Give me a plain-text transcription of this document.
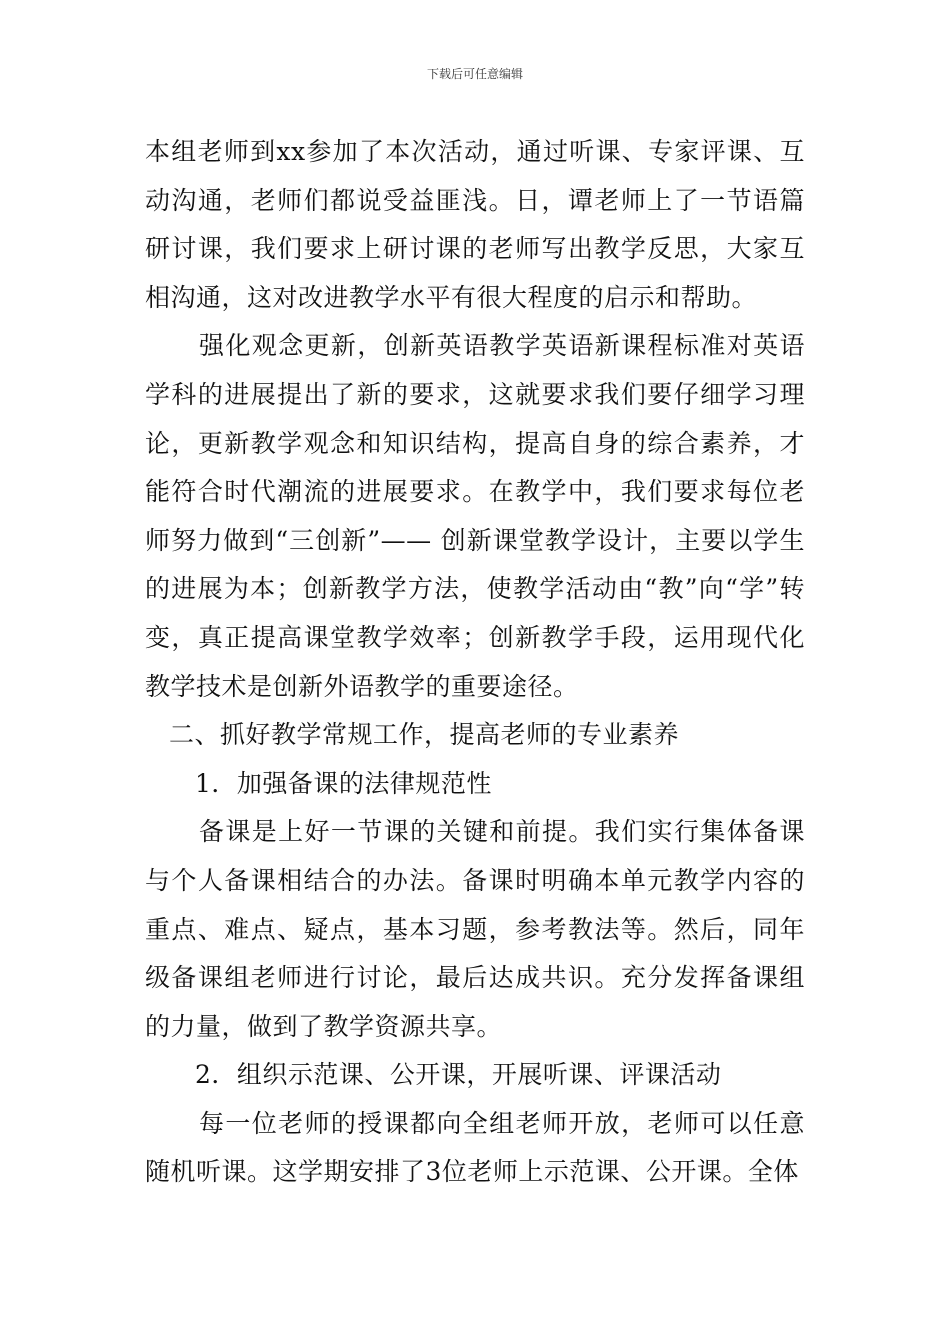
下载后可任意编辑

本组老师到xx参加了本次活动，通过听课、专家评课、互动沟通，老师们都说受益匪浅。日，谭老师上了一节语篇研讨课，我们要求上研讨课的老师写出教学反思，大家互相沟通，这对改进教学水平有很大程度的启示和帮助。

强化观念更新，创新英语教学英语新课程标准对英语学科的进展提出了新的要求，这就要求我们要仔细学习理论，更新教学观念和知识结构，提高自身的综合素养，才能符合时代潮流的进展要求。在教学中，我们要求每位老师努力做到“三创新”—— 创新课堂教学设计，主要以学生的进展为本；创新教学方法，使教学活动由“教”向“学”转变，真正提高课堂教学效率；创新教学手段，运用现代化教学技术是创新外语教学的重要途径。

二、抓好教学常规工作，提高老师的专业素养

1．加强备课的法律规范性

备课是上好一节课的关键和前提。我们实行集体备课与个人备课相结合的办法。备课时明确本单元教学内容的重点、难点、疑点，基本习题，参考教法等。然后，同年级备课组老师进行讨论，最后达成共识。充分发挥备课组的力量，做到了教学资源共享。

2．组织示范课、公开课，开展听课、评课活动

每一位老师的授课都向全组老师开放，老师可以任意随机听课。这学期安排了3位老师上示范课、公开课。全体
